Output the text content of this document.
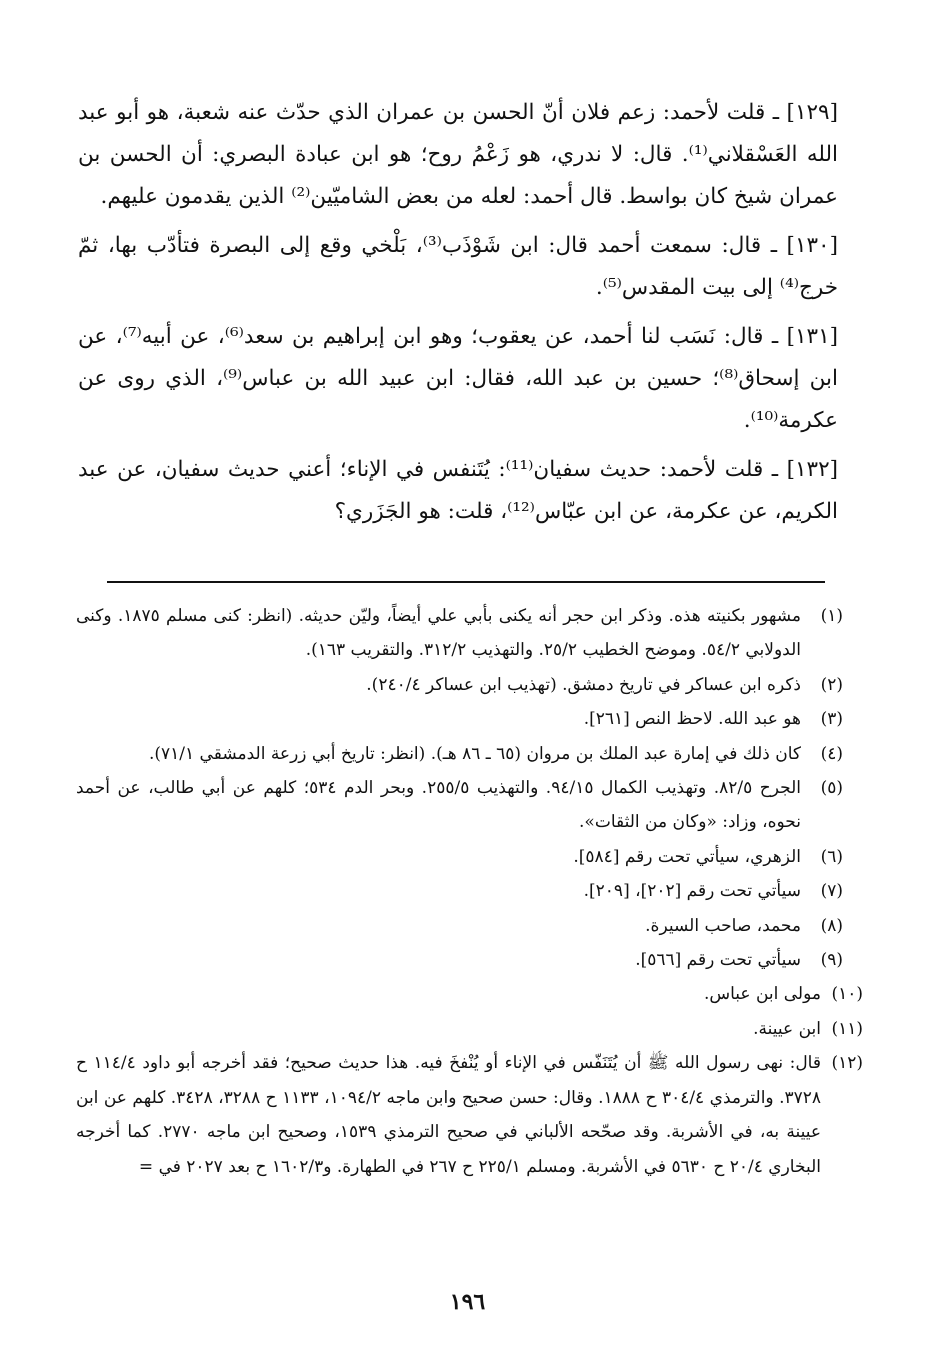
[١٢٩] ـ قلت لأحمد: زعم فلان أنّ الحسن بن عمران الذي حدّث عنه شعبة، هو أبو عبد الله العَسْقلاني⁽¹⁾. قال: لا ندري، هو زَعْمُ روح؛ هو ابن عبادة البصري: أن الحسن بن عمران شيخ كان بواسط. قال أحمد: لعله من بعض الشاميّين⁽²⁾ الذين يقدمون عليهم.

[١٣٠] ـ قال: سمعت أحمد قال: ابن شَوْذَب⁽³⁾، بَلْخي وقع إلى البصرة فتأدّب بها، ثمّ خرج⁽⁴⁾ إلى بيت المقدس⁽⁵⁾.

[١٣١] ـ قال: نَسَب لنا أحمد، عن يعقوب؛ وهو ابن إبراهيم بن سعد⁽⁶⁾، عن أبيه⁽⁷⁾، عن ابن إسحاق⁽⁸⁾؛ حسين بن عبد الله، فقال: ابن عبيد الله بن عباس⁽⁹⁾، الذي روى عن عكرمة⁽¹⁰⁾.

[١٣٢] ـ قلت لأحمد: حديث سفيان⁽¹¹⁾: يُتَنفس في الإناء؛ أعني حديث سفيان، عن عبد الكريم، عن عكرمة، عن ابن عبّاس⁽¹²⁾، قلت: هو الجَزَري؟

(١)
مشهور بكنيته هذه. وذكر ابن حجر أنه يكنى بأبي علي أيضاً، وليّن حديثه. (انظر: كنى مسلم ١٨٧٥. وكنى الدولابي ٥٤/٢. وموضح الخطيب ٢٥/٢. والتهذيب ٣١٢/٢. والتقريب ١٦٣).
(٢)
ذكره ابن عساكر في تاريخ دمشق. (تهذيب ابن عساكر ٢٤٠/٤).
(٣)
هو عبد الله. لاحظ النص [٢٦١].
(٤)
كان ذلك في إمارة عبد الملك بن مروان (٦٥ ـ ٨٦ هـ). (انظر: تاريخ أبي زرعة الدمشقي ٧١/١).
(٥)
الجرح ٨٢/٥. وتهذيب الكمال ٩٤/١٥. والتهذيب ٢٥٥/٥. وبحر الدم ٥٣٤؛ كلهم عن أبي طالب، عن أحمد نحوه، وزاد: «وكان من الثقات».
(٦)
الزهري، سيأتي تحت رقم [٥٨٤].
(٧)
سيأتي تحت رقم [٢٠٢]، [٢٠٩].
(٨)
محمد، صاحب السيرة.
(٩)
سيأتي تحت رقم [٥٦٦].
(١٠)
مولى ابن عباس.
(١١)
ابن عيينة.
(١٢)
قال: نهى رسول الله ﷺ أن يُتَنَفّس في الإناء أو يُنْفخَ فيه. هذا حديث صحيح؛ فقد أخرجه أبو داود ١١٤/٤ ح ٣٧٢٨. والترمذي ٣٠٤/٤ ح ١٨٨٨. وقال: حسن صحيح وابن ماجه ١٠٩٤/٢، ١١٣٣ ح ٣٢٨٨، ٣٤٢٨. كلهم عن ابن عيينة به، في الأشربة. وقد صحّحه الألباني في صحيح الترمذي ١٥٣٩، وصحيح ابن ماجه ٢٧٧٠. كما أخرجه البخاري ٢٠/٤ ح ٥٦٣٠ في الأشربة. ومسلم ٢٢٥/١ ح ٢٦٧ في الطهارة. و١٦٠٢/٣ ح بعد ٢٠٢٧ في =
١٩٦
